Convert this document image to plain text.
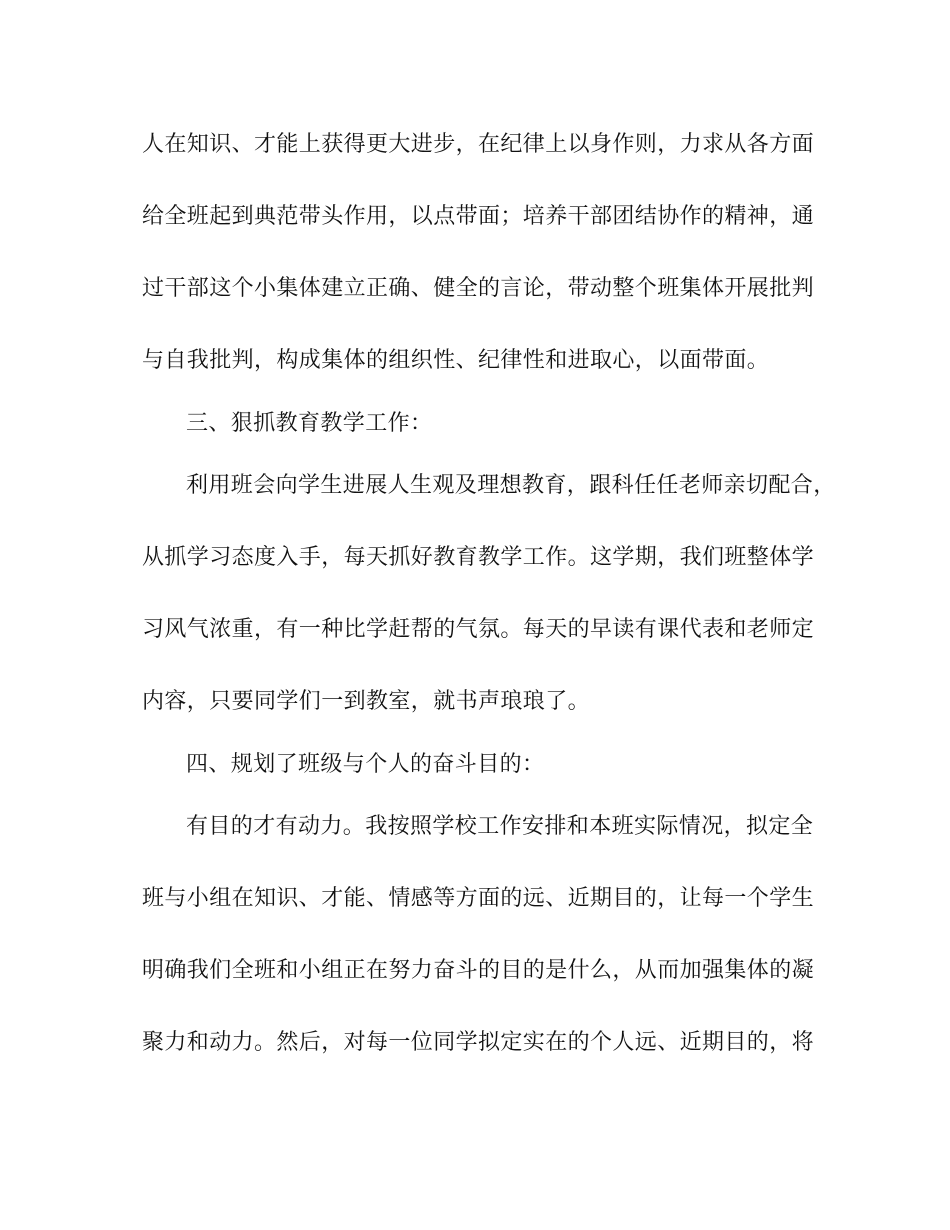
人在知识、才能上获得更大进步，在纪律上以身作则，力求从各方面
给全班起到典范带头作用，以点带面；培养干部团结协作的精神，通
过干部这个小集体建立正确、健全的言论，带动整个班集体开展批判
与自我批判，构成集体的组织性、纪律性和进取心，以面带面。
三、狠抓教育教学工作：
利用班会向学生进展人生观及理想教育，跟科任任老师亲切配合，
从抓学习态度入手，每天抓好教育教学工作。这学期，我们班整体学
习风气浓重，有一种比学赶帮的气氛。每天的早读有课代表和老师定
内容，只要同学们一到教室，就书声琅琅了。
四、规划了班级与个人的奋斗目的：
有目的才有动力。我按照学校工作安排和本班实际情况，拟定全
班与小组在知识、才能、情感等方面的远、近期目的，让每一个学生
明确我们全班和小组正在努力奋斗的目的是什么，从而加强集体的凝
聚力和动力。然后，对每一位同学拟定实在的个人远、近期目的，将
